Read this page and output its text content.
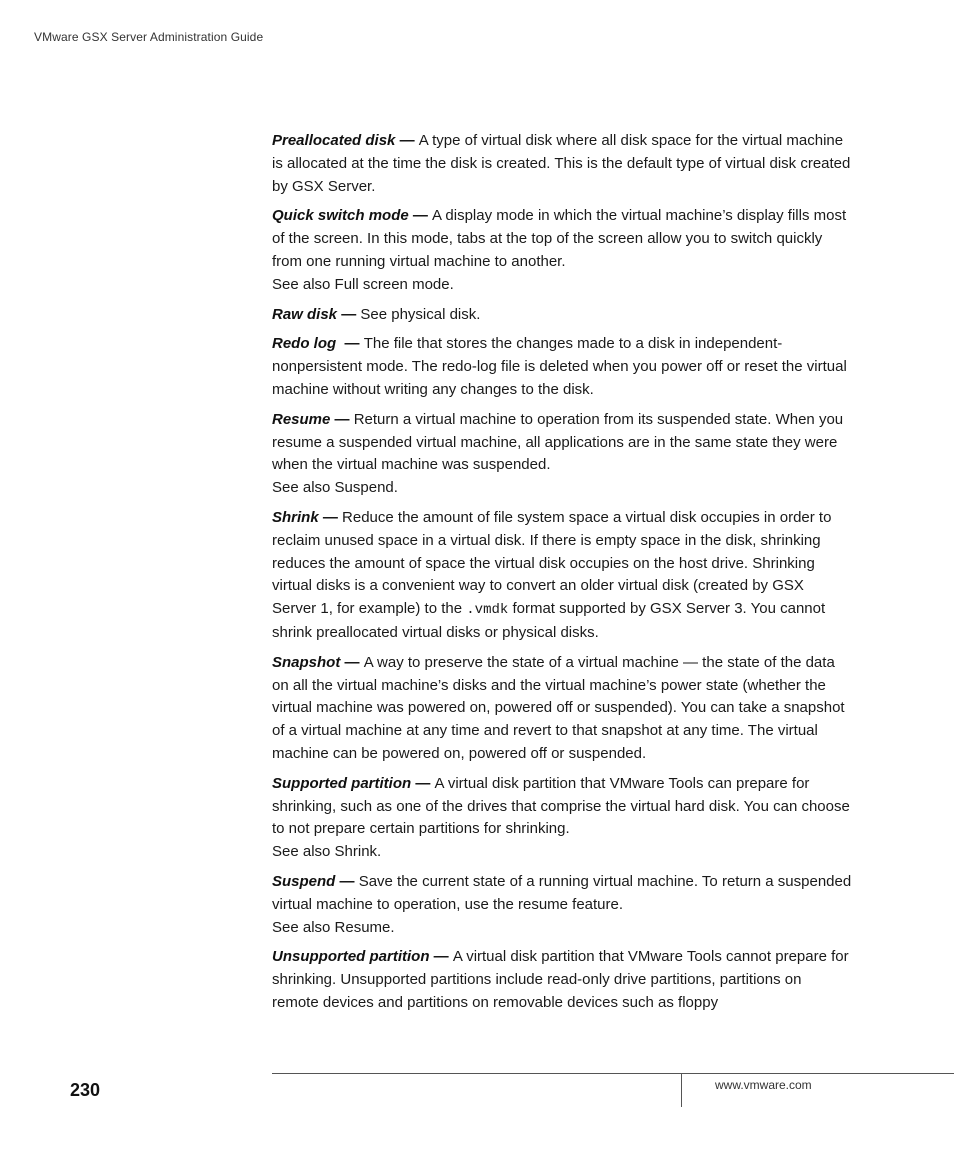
VMware GSX Server Administration Guide

Preallocated disk — A type of virtual disk where all disk space for the virtual machine is allocated at the time the disk is created. This is the default type of virtual disk created by GSX Server.

Quick switch mode — A display mode in which the virtual machine’s display fills most of the screen. In this mode, tabs at the top of the screen allow you to switch quickly from one running virtual machine to another.
See also Full screen mode.

Raw disk — See physical disk.

Redo log  — The file that stores the changes made to a disk in independent-nonpersistent mode. The redo-log file is deleted when you power off or reset the virtual machine without writing any changes to the disk.

Resume — Return a virtual machine to operation from its suspended state. When you resume a suspended virtual machine, all applications are in the same state they were when the virtual machine was suspended.
See also Suspend.

Shrink — Reduce the amount of file system space a virtual disk occupies in order to reclaim unused space in a virtual disk. If there is empty space in the disk, shrinking reduces the amount of space the virtual disk occupies on the host drive. Shrinking virtual disks is a convenient way to convert an older virtual disk (created by GSX Server 1, for example) to the .vmdk format supported by GSX Server 3. You cannot shrink preallocated virtual disks or physical disks.

Snapshot — A way to preserve the state of a virtual machine — the state of the data on all the virtual machine’s disks and the virtual machine’s power state (whether the virtual machine was powered on, powered off or suspended). You can take a snapshot of a virtual machine at any time and revert to that snapshot at any time. The virtual machine can be powered on, powered off or suspended.

Supported partition — A virtual disk partition that VMware Tools can prepare for shrinking, such as one of the drives that comprise the virtual hard disk. You can choose to not prepare certain partitions for shrinking.
See also Shrink.

Suspend — Save the current state of a running virtual machine. To return a suspended virtual machine to operation, use the resume feature.
See also Resume.

Unsupported partition — A virtual disk partition that VMware Tools cannot prepare for shrinking. Unsupported partitions include read-only drive partitions, partitions on remote devices and partitions on removable devices such as floppy

230	www.vmware.com
